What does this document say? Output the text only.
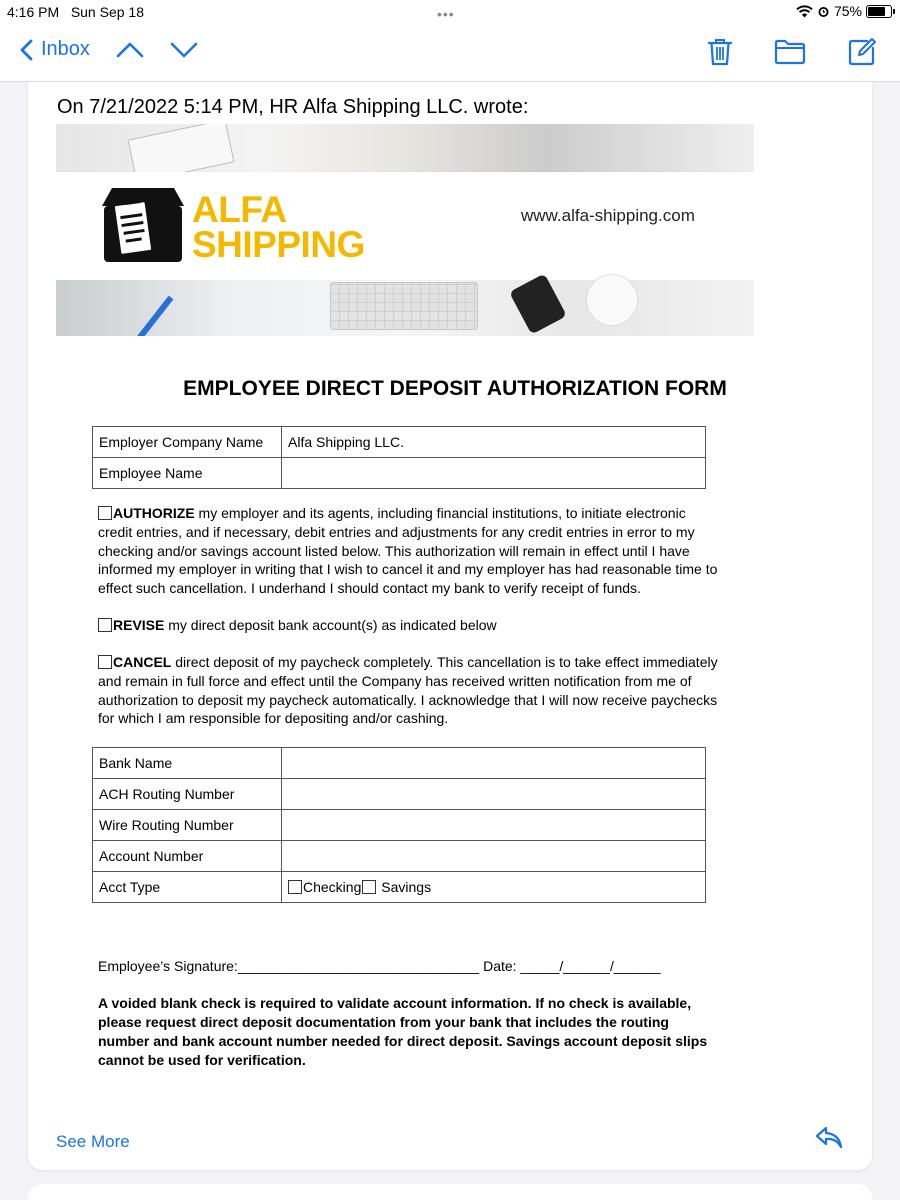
4:16 PM Sun Sep 18	•••	75%
Inbox
On 7/21/2022 5:14 PM, HR Alfa Shipping LLC. wrote:
ALFA
SHIPPING
www.alfa-shipping.com
EMPLOYEE DIRECT DEPOSIT AUTHORIZATION FORM
Employer Company Name	Alfa Shipping LLC.
Employee Name	
AUTHORIZE my employer and its agents, including financial institutions, to initiate electronic credit entries, and if necessary, debit entries and adjustments for any credit entries in error to my checking and/or savings account listed below. This authorization will remain in effect until I have informed my employer in writing that I wish to cancel it and my employer has had reasonable time to effect such cancellation. I underhand I should contact my bank to verify receipt of funds.
REVISE my direct deposit bank account(s) as indicated below
CANCEL direct deposit of my paycheck completely. This cancellation is to take effect immediately and remain in full force and effect until the Company has received written notification from me of authorization to deposit my paycheck automatically. I acknowledge that I will now receive paychecks for which I am responsible for depositing and/or cashing.
Bank Name	
ACH Routing Number	
Wire Routing Number	
Account Number	
Acct Type	Checking Savings
Employee’s Signature:_______________________________ Date: _____/______/______
A voided blank check is required to validate account information. If no check is available, please request direct deposit documentation from your bank that includes the routing number and bank account number needed for direct deposit. Savings account deposit slips cannot be used for verification.
See More
